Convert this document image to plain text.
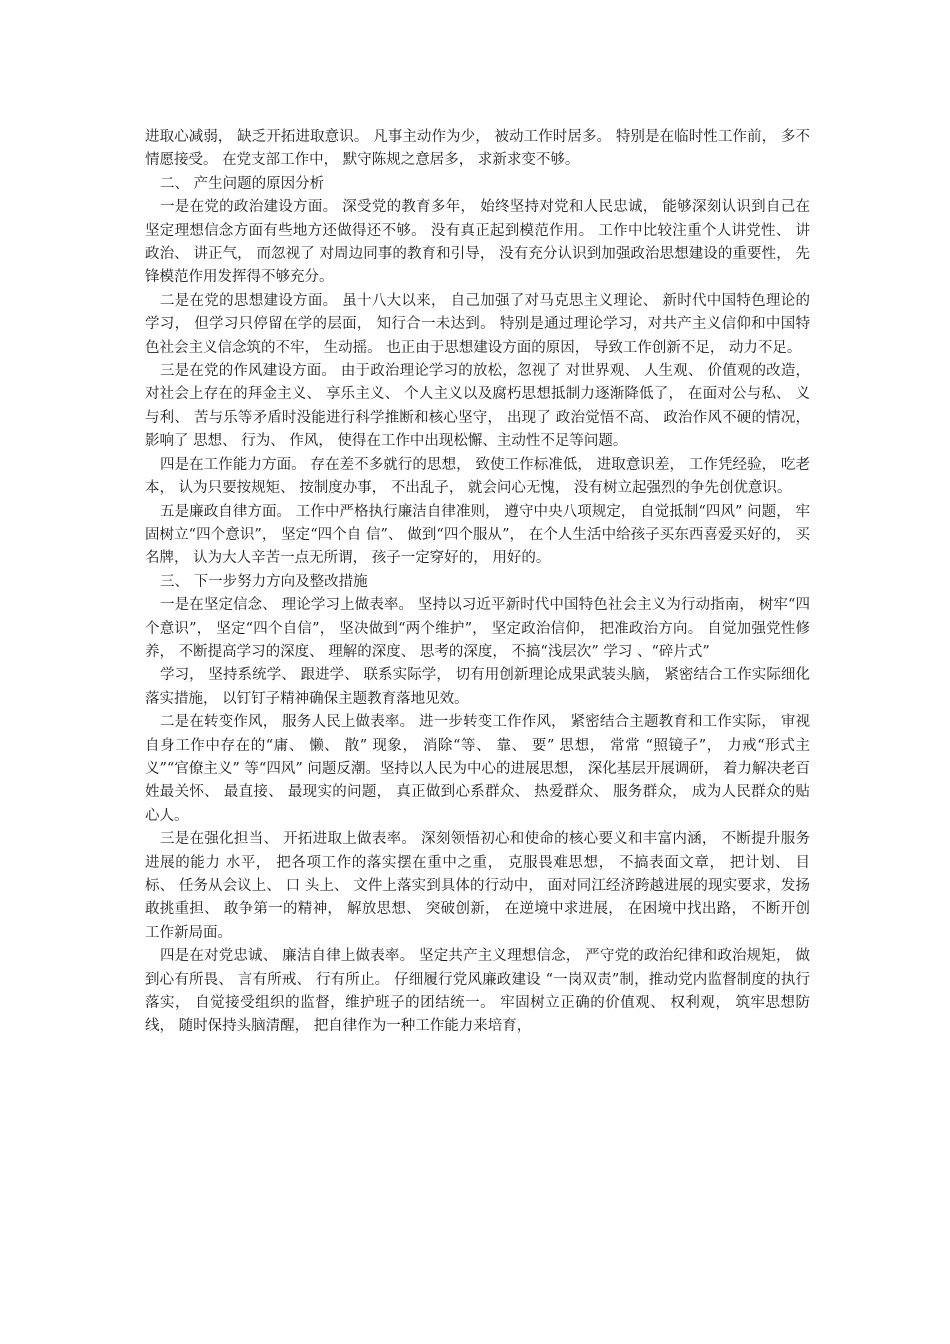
进取心减弱， 缺乏开拓进取意识。 凡事主动作为少， 被动工作时居多。 特别是在临时性工作前， 多不情愿接受。 在党支部工作中， 默守陈规之意居多， 求新求变不够。

二、 产生问题的原因分析

一是在党的政治建设方面。 深受党的教育多年， 始终坚持对党和人民忠诚， 能够深刻认识到自己在坚定理想信念方面有些地方还做得还不够。 没有真正起到模范作用。 工作中比较注重个人讲党性、 讲政治、 讲正气， 而忽视了 对周边同事的教育和引导， 没有充分认识到加强政治思想建设的重要性， 先锋模范作用发挥得不够充分。

二是在党的思想建设方面。 虽十八大以来， 自己加强了对马克思主义理论、 新时代中国特色理论的学习， 但学习只停留在学的层面， 知行合一未达到。 特别是通过理论学习，对共产主义信仰和中国特色社会主义信念筑的不牢， 生动摇。 也正由于思想建设方面的原因， 导致工作创新不足， 动力不足。

三是在党的作风建设方面。 由于政治理论学习的放松，忽视了 对世界观、 人生观、 价值观的改造， 对社会上存在的拜金主义、 享乐主义、 个人主义以及腐朽思想抵制力逐渐降低了， 在面对公与私、 义与利、 苦与乐等矛盾时没能进行科学推断和核心坚守， 出现了 政治觉悟不高、 政治作风不硬的情况， 影响了 思想、 行为、 作风， 使得在工作中出现松懈、主动性不足等问题。

四是在工作能力方面。 存在差不多就行的思想， 致使工作标准低， 进取意识差， 工作凭经验， 吃老本， 认为只要按规矩、 按制度办事， 不出乱子， 就会问心无愧， 没有树立起强烈的争先创优意识。

五是廉政自律方面。 工作中严格执行廉洁自律准则， 遵守中央八项规定， 自觉抵制“四风” 问题， 牢固树立“四个意识”， 坚定“四个自 信”、 做到“四个服从”， 在个人生活中给孩子买东西喜爱买好的， 买名牌， 认为大人辛苦一点无所谓， 孩子一定穿好的， 用好的。

三、 下一步努力方向及整改措施

一是在坚定信念、 理论学习上做表率。 坚持以习近平新时代中国特色社会主义为行动指南， 树牢“四个意识”， 坚定“四个自信”， 坚决做到“两个维护”， 坚定政治信仰， 把准政治方向。 自觉加强党性修养， 不断提高学习的深度、 理解的深度、 思考的深度， 不搞“浅层次” 学习 、“碎片式”

学习， 坚持系统学、 跟进学、 联系实际学， 切有用创新理论成果武装头脑， 紧密结合工作实际细化落实措施， 以钉钉子精神确保主题教育落地见效。

二是在转变作风， 服务人民上做表率。 进一步转变工作作风， 紧密结合主题教育和工作实际， 审视自身工作中存在的“庸、 懒、 散” 现象， 消除“等、 靠、 要” 思想， 常常 “照镜子”， 力戒“形式主义”“官僚主义” 等“四风” 问题反潮。坚持以人民为中心的进展思想， 深化基层开展调研， 着力解决老百姓最关怀、 最直接、 最现实的问题， 真正做到心系群众、 热爱群众、 服务群众， 成为人民群众的贴心人。

三是在强化担当、 开拓进取上做表率。 深刻领悟初心和使命的核心要义和丰富内涵， 不断提升服务进展的能力 水平， 把各项工作的落实摆在重中之重， 克服畏难思想， 不搞表面文章， 把计划、 目 标、 任务从会议上、 口 头上、 文件上落实到具体的行动中， 面对同江经济跨越进展的现实要求，发扬敢挑重担、 敢争第一的精神， 解放思想、 突破创新， 在逆境中求进展， 在困境中找出路， 不断开创工作新局面。

四是在对党忠诚、 廉洁自律上做表率。 坚定共产主义理想信念， 严守党的政治纪律和政治规矩， 做到心有所畏、 言有所戒、 行有所止。 仔细履行党风廉政建设 “一岗双责”制，推动党内监督制度的执行落实， 自觉接受组织的监督，维护班子的团结统一。 牢固树立正确的价值观、 权利观， 筑牢思想防线， 随时保持头脑清醒， 把自律作为一种工作能力来培育，
